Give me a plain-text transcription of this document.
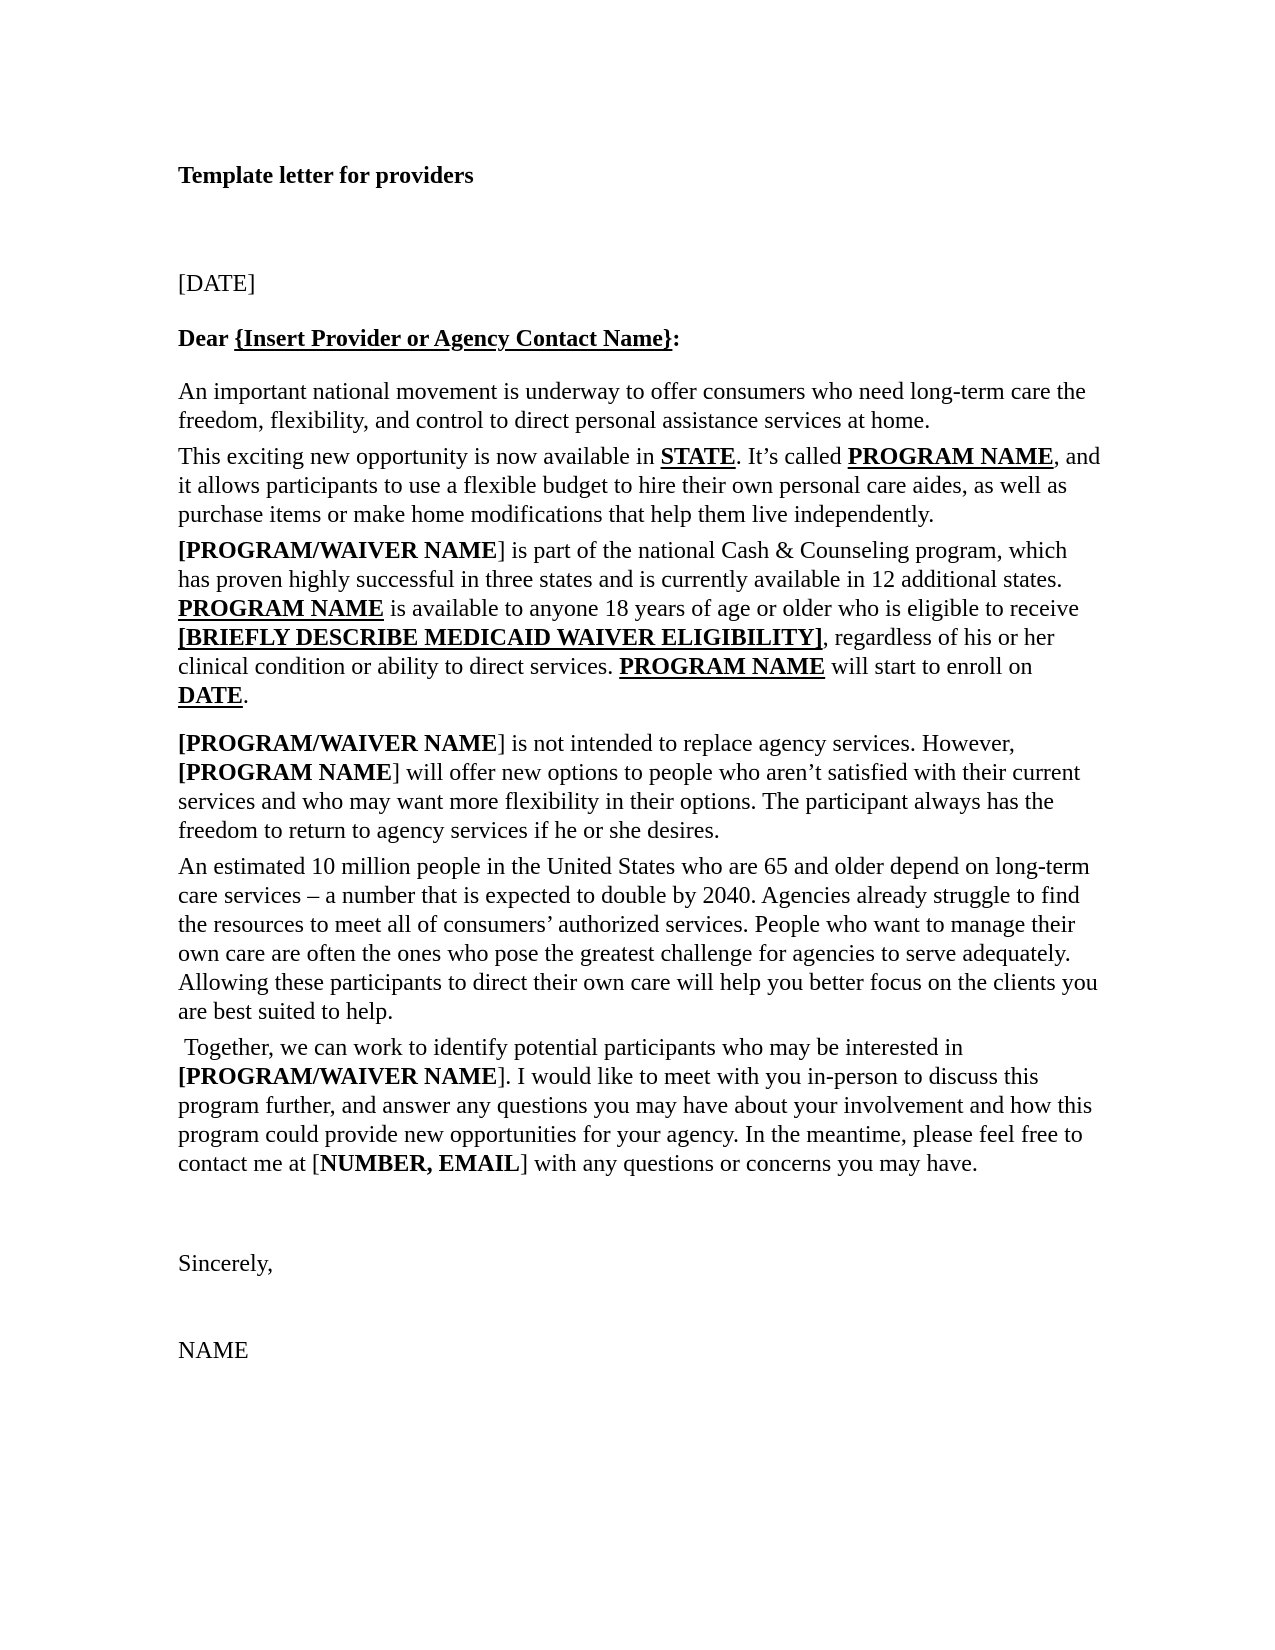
Template letter for providers
[DATE]
Dear {Insert Provider or Agency Contact Name}:

An important national movement is underway to offer consumers who need long-term care the freedom, flexibility, and control to direct personal assistance services at home.

This exciting new opportunity is now available in STATE. It’s called PROGRAM NAME, and it allows participants to use a flexible budget to hire their own personal care aides, as well as purchase items or make home modifications that help them live independently.

[PROGRAM/WAIVER NAME] is part of the national Cash & Counseling program, which has proven highly successful in three states and is currently available in 12 additional states. PROGRAM NAME is available to anyone 18 years of age or older who is eligible to receive [BRIEFLY DESCRIBE MEDICAID WAIVER ELIGIBILITY], regardless of his or her clinical condition or ability to direct services. PROGRAM NAME will start to enroll on DATE.

[PROGRAM/WAIVER NAME] is not intended to replace agency services. However, [PROGRAM NAME] will offer new options to people who aren’t satisfied with their current services and who may want more flexibility in their options. The participant always has the freedom to return to agency services if he or she desires.

An estimated 10 million people in the United States who are 65 and older depend on long-term care services – a number that is expected to double by 2040. Agencies already struggle to find the resources to meet all of consumers’ authorized services. People who want to manage their own care are often the ones who pose the greatest challenge for agencies to serve adequately. Allowing these participants to direct their own care will help you better focus on the clients you are best suited to help.

Together, we can work to identify potential participants who may be interested in [PROGRAM/WAIVER NAME]. I would like to meet with you in-person to discuss this program further, and answer any questions you may have about your involvement and how this program could provide new opportunities for your agency. In the meantime, please feel free to contact me at [NUMBER, EMAIL] with any questions or concerns you may have.

Sincerely,

NAME
